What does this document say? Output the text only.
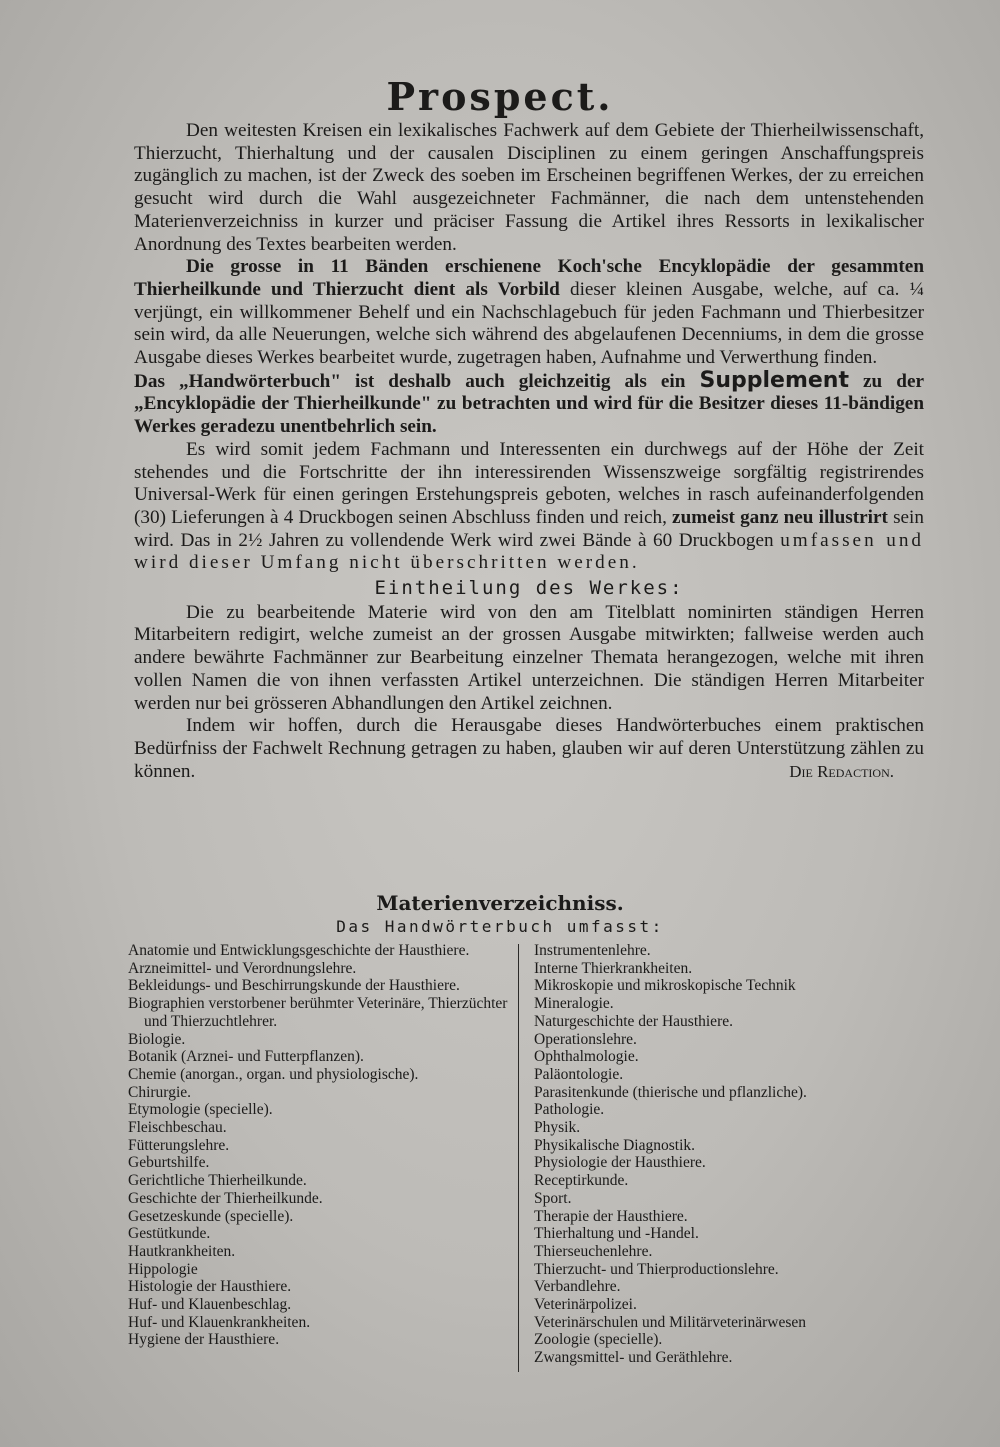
Prospect.

Den weitesten Kreisen ein lexikalisches Fachwerk auf dem Gebiete der Thierheilwissenschaft, Thierzucht, Thierhaltung und der causalen Disciplinen zu einem geringen Anschaffungspreis zugänglich zu machen, ist der Zweck des soeben im Erscheinen begriffenen Werkes, der zu erreichen gesucht wird durch die Wahl ausgezeichneter Fachmänner, die nach dem untenstehenden Materienverzeichniss in kurzer und präciser Fassung die Artikel ihres Ressorts in lexikalischer Anordnung des Textes bearbeiten werden.

Die grosse in 11 Bänden erschienene Koch'sche Encyklopädie der gesammten Thierheilkunde und Thierzucht dient als Vorbild dieser kleinen Ausgabe, welche, auf ca. ¼ verjüngt, ein willkommener Behelf und ein Nachschlagebuch für jeden Fachmann und Thierbesitzer sein wird, da alle Neuerungen, welche sich während des abgelaufenen Decenniums, in dem die grosse Ausgabe dieses Werkes bearbeitet wurde, zugetragen haben, Aufnahme und Verwerthung finden.

Das „Handwörterbuch" ist deshalb auch gleichzeitig als ein Supplement zu der „Encyklopädie der Thierheilkunde" zu betrachten und wird für die Besitzer dieses 11-bändigen Werkes geradezu unentbehrlich sein.

Es wird somit jedem Fachmann und Interessenten ein durchwegs auf der Höhe der Zeit stehendes und die Fortschritte der ihn interessirenden Wissenszweige sorgfältig registrirendes Universal-Werk für einen geringen Erstehungspreis geboten, welches in rasch aufeinanderfolgenden (30) Lieferungen à 4 Druckbogen seinen Abschluss finden und reich, zumeist ganz neu illustrirt sein wird. Das in 2½ Jahren zu vollendende Werk wird zwei Bände à 60 Druckbogen umfassen und wird dieser Umfang nicht überschritten werden.

Eintheilung des Werkes:

Die zu bearbeitende Materie wird von den am Titelblatt nominirten ständigen Herren Mitarbeitern redigirt, welche zumeist an der grossen Ausgabe mitwirkten; fallweise werden auch andere bewährte Fachmänner zur Bearbeitung einzelner Themata herangezogen, welche mit ihren vollen Namen die von ihnen verfassten Artikel unterzeichnen. Die ständigen Herren Mitarbeiter werden nur bei grösseren Abhandlungen den Artikel zeichnen.

Indem wir hoffen, durch die Herausgabe dieses Handwörterbuches einem praktischen Bedürfniss der Fachwelt Rechnung getragen zu haben, glauben wir auf deren Unterstützung zählen zu können.	Die Redaction.
Materienverzeichniss.
Das Handwörterbuch umfasst:
Anatomie und Entwicklungsgeschichte der Hausthiere.
Arzneimittel- und Verordnungslehre.
Bekleidungs- und Beschirrungskunde der Hausthiere.
Biographien verstorbener berühmter Veterinäre, Thierzüchter und Thierzuchtlehrer.
Biologie.
Botanik (Arznei- und Futterpflanzen).
Chemie (anorgan., organ. und physiologische).
Chirurgie.
Etymologie (specielle).
Fleischbeschau.
Fütterungslehre.
Geburtshilfe.
Gerichtliche Thierheilkunde.
Geschichte der Thierheilkunde.
Gesetzeskunde (specielle).
Gestütkunde.
Hautkrankheiten.
Hippologie
Histologie der Hausthiere.
Huf- und Klauenbeschlag.
Huf- und Klauenkrankheiten.
Hygiene der Hausthiere.
Instrumentenlehre.
Interne Thierkrankheiten.
Mikroskopie und mikroskopische Technik
Mineralogie.
Naturgeschichte der Hausthiere.
Operationslehre.
Ophthalmologie.
Paläontologie.
Parasitenkunde (thierische und pflanzliche).
Pathologie.
Physik.
Physikalische Diagnostik.
Physiologie der Hausthiere.
Receptirkunde.
Sport.
Therapie der Hausthiere.
Thierhaltung und -Handel.
Thierseuchenlehre.
Thierzucht- und Thierproductionslehre.
Verbandlehre.
Veterinärpolizei.
Veterinärschulen und Militärveterinärwesen
Zoologie (specielle).
Zwangsmittel- und Geräthlehre.
